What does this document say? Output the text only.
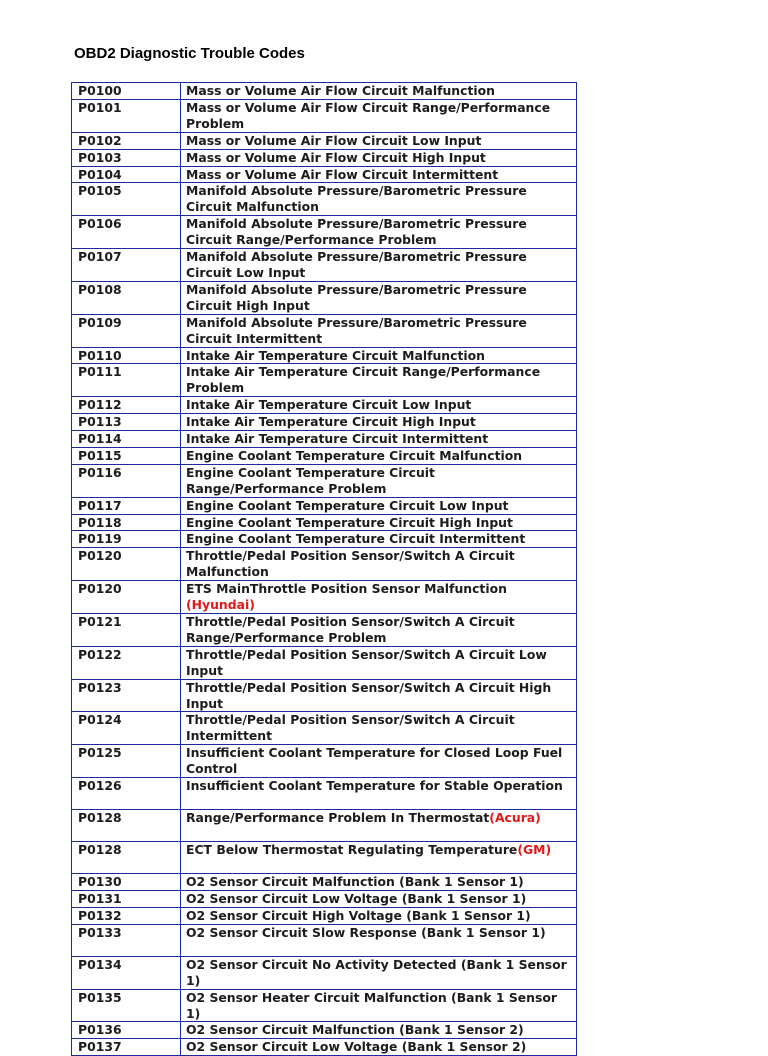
OBD2 Diagnostic Trouble Codes
P0100	Mass or Volume Air Flow Circuit Malfunction
P0101	Mass or Volume Air Flow Circuit Range/Performance Problem
P0102	Mass or Volume Air Flow Circuit Low Input
P0103	Mass or Volume Air Flow Circuit High Input
P0104	Mass or Volume Air Flow Circuit Intermittent
P0105	Manifold Absolute Pressure/Barometric Pressure Circuit Malfunction
P0106	Manifold Absolute Pressure/Barometric Pressure Circuit Range/Performance Problem
P0107	Manifold Absolute Pressure/Barometric Pressure Circuit Low Input
P0108	Manifold Absolute Pressure/Barometric Pressure Circuit High Input
P0109	Manifold Absolute Pressure/Barometric Pressure Circuit Intermittent
P0110	Intake Air Temperature Circuit Malfunction
P0111	Intake Air Temperature Circuit Range/Performance Problem
P0112	Intake Air Temperature Circuit Low Input
P0113	Intake Air Temperature Circuit High Input
P0114	Intake Air Temperature Circuit Intermittent
P0115	Engine Coolant Temperature Circuit Malfunction
P0116	Engine Coolant Temperature Circuit Range/Performance Problem
P0117	Engine Coolant Temperature Circuit Low Input
P0118	Engine Coolant Temperature Circuit High Input
P0119	Engine Coolant Temperature Circuit Intermittent
P0120	Throttle/Pedal Position Sensor/Switch A Circuit Malfunction
P0120	ETS MainThrottle Position Sensor Malfunction
(Hyundai)
P0121	Throttle/Pedal Position Sensor/Switch A Circuit Range/Performance Problem
P0122	Throttle/Pedal Position Sensor/Switch A Circuit Low Input
P0123	Throttle/Pedal Position Sensor/Switch A Circuit High Input
P0124	Throttle/Pedal Position Sensor/Switch A Circuit Intermittent
P0125	Insufficient Coolant Temperature for Closed Loop Fuel Control
P0126	Insufficient Coolant Temperature for Stable Operation
P0128	Range/Performance Problem In Thermostat(Acura)
P0128	ECT Below Thermostat Regulating Temperature(GM)
P0130	O2 Sensor Circuit Malfunction (Bank 1 Sensor 1)
P0131	O2 Sensor Circuit Low Voltage (Bank 1 Sensor 1)
P0132	O2 Sensor Circuit High Voltage (Bank 1 Sensor 1)
P0133	O2 Sensor Circuit Slow Response (Bank 1 Sensor 1)
P0134	O2 Sensor Circuit No Activity Detected (Bank 1 Sensor 1)
P0135	O2 Sensor Heater Circuit Malfunction (Bank 1 Sensor 1)
P0136	O2 Sensor Circuit Malfunction (Bank 1 Sensor 2)
P0137	O2 Sensor Circuit Low Voltage (Bank 1 Sensor 2)
